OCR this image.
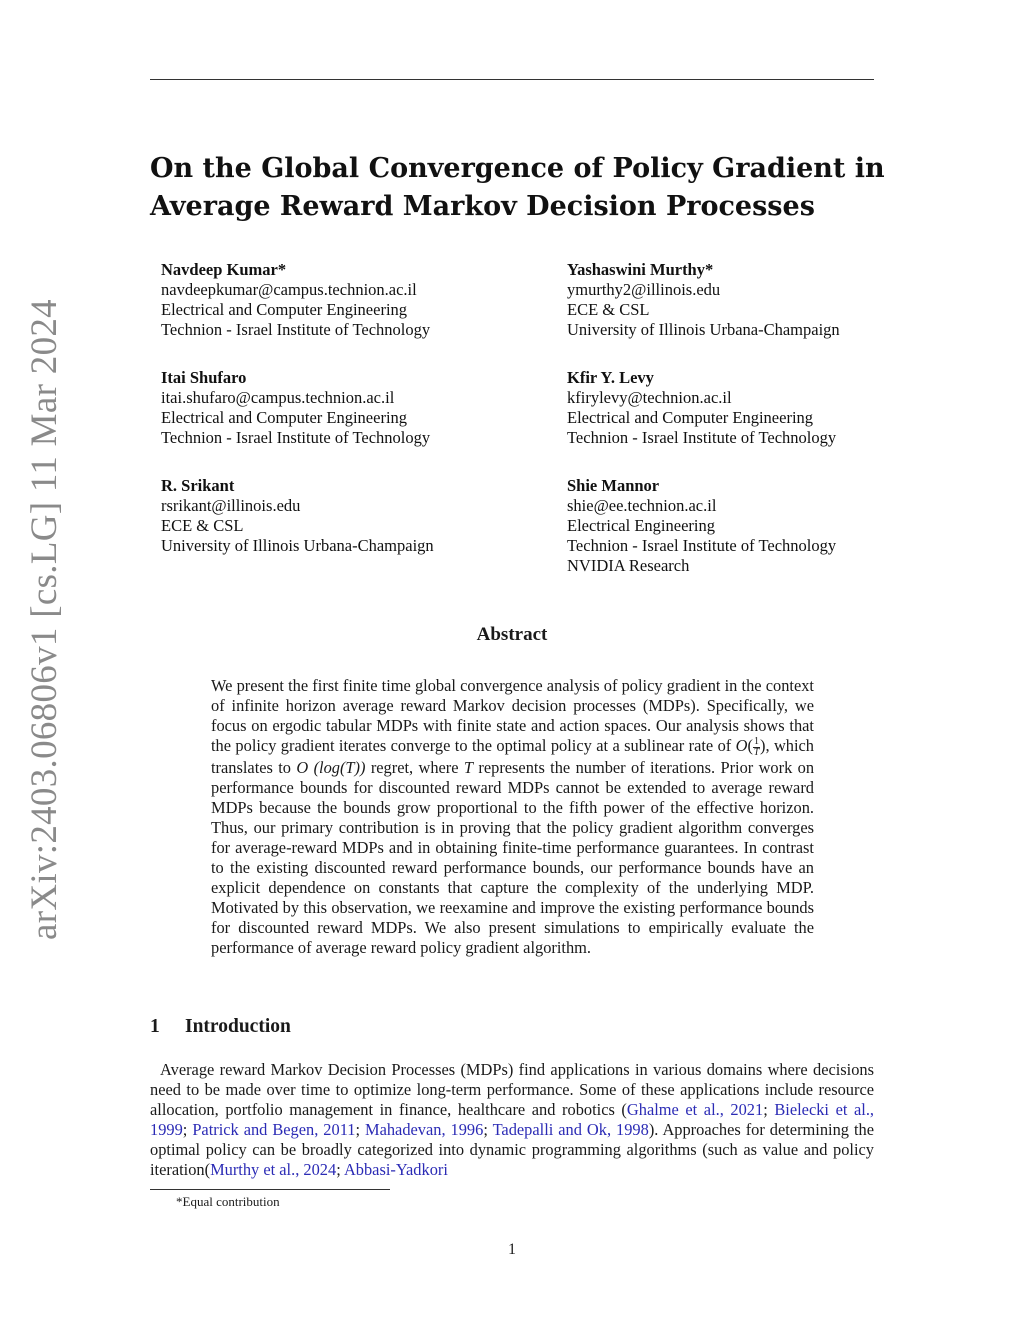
arXiv:2403.06806v1 [cs.LG] 11 Mar 2024
On the Global Convergence of Policy Gradient in
Average Reward Markov Decision Processes
Navdeep Kumar*
navdeepkumar@campus.technion.ac.il
Electrical and Computer Engineering
Technion - Israel Institute of Technology
Yashaswini Murthy*
ymurthy2@illinois.edu
ECE & CSL
University of Illinois Urbana-Champaign
Itai Shufaro
itai.shufaro@campus.technion.ac.il
Electrical and Computer Engineering
Technion - Israel Institute of Technology
Kfir Y. Levy
kfirylevy@technion.ac.il
Electrical and Computer Engineering
Technion - Israel Institute of Technology
R. Srikant
rsrikant@illinois.edu
ECE & CSL
University of Illinois Urbana-Champaign
Shie Mannor
shie@ee.technion.ac.il
Electrical Engineering
Technion - Israel Institute of Technology
NVIDIA Research
Abstract

We present the first finite time global convergence analysis of policy gradient in the context of infinite horizon average reward Markov decision processes (MDPs). Specifically, we focus on ergodic tabular MDPs with finite state and action spaces. Our analysis shows that the policy gradient iterates converge to the optimal policy at a sublinear rate of $O( \frac{1}{T}$ ), which translates to O (log(T)) regret, where T represents the number of iterations. Prior work on performance bounds for discounted reward MDPs cannot be extended to average reward MDPs because the bounds grow proportional to the fifth power of the effective horizon. Thus, our primary contribution is in proving that the policy gradient algorithm converges for average-reward MDPs and in obtaining finite-time performance guarantees. In contrast to the existing discounted reward performance bounds, our performance bounds have an explicit dependence on constants that capture the complexity of the underlying MDP. Motivated by this observation, we reexamine and improve the existing performance bounds for discounted reward MDPs. We also present simulations to empirically evaluate the performance of average reward policy gradient algorithm.

1 Introduction

Average reward Markov Decision Processes (MDPs) find applications in various domains where decisions need to be made over time to optimize long-term performance. Some of these applications include resource allocation, portfolio management in finance, healthcare and robotics (Ghalme et al., 2021; Bielecki et al., 1999; Patrick and Begen, 2011; Mahadevan, 1996; Tadepalli and Ok, 1998). Approaches for determining the optimal policy can be broadly categorized into dynamic programming algorithms (such as value and policy iteration(Murthy et al., 2024; Abbasi-Yadkori

*Equal contribution
1
